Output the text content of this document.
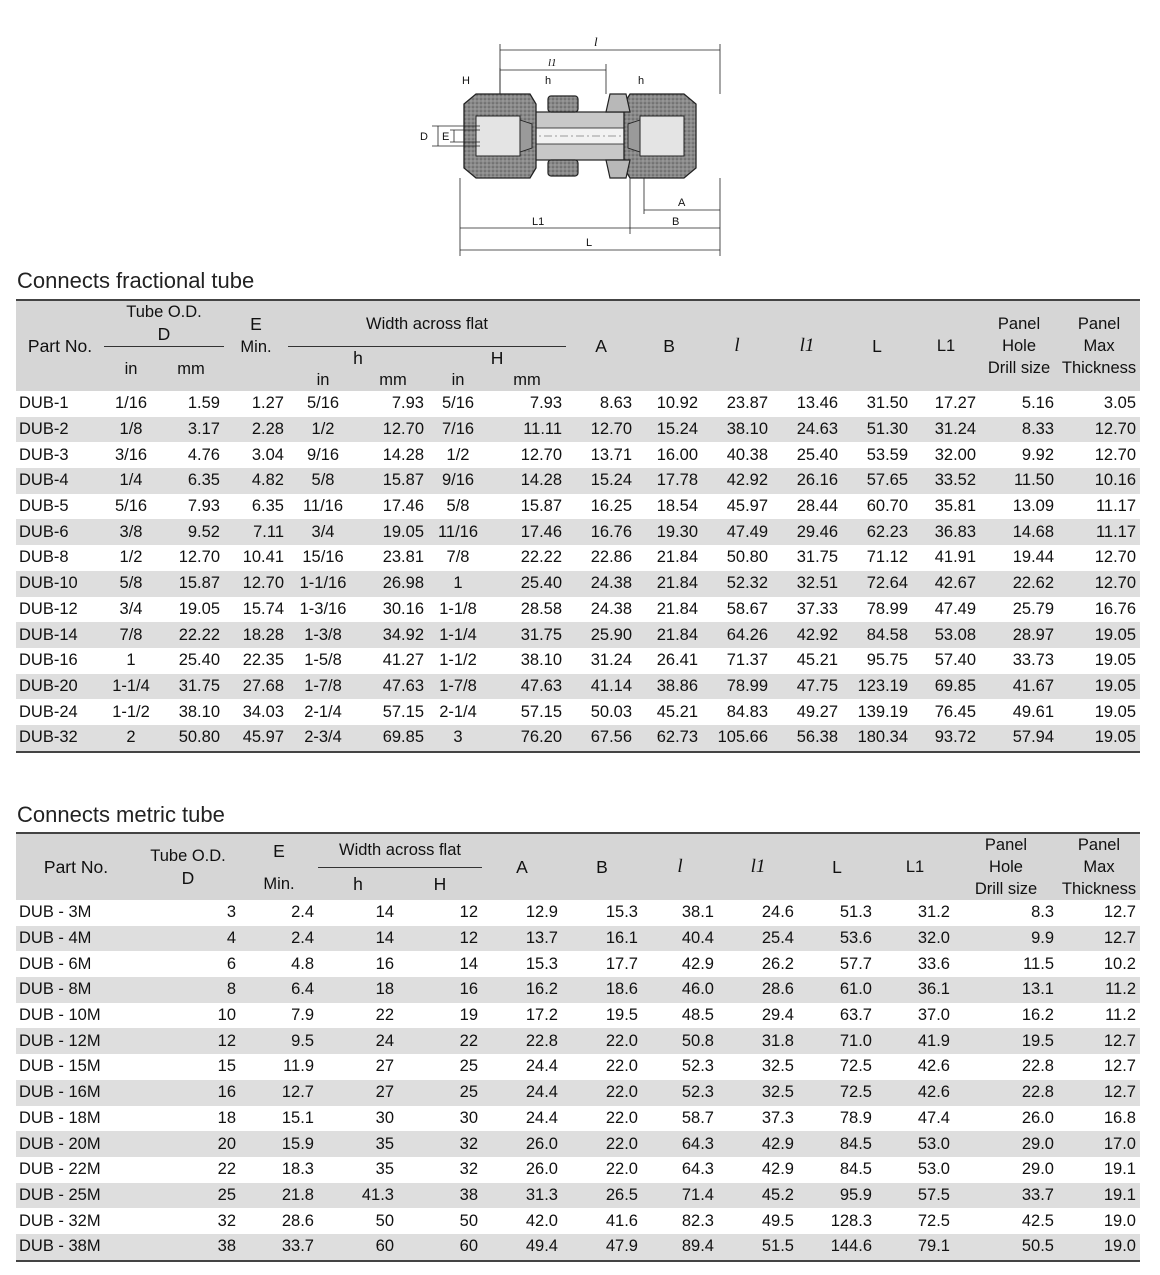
l
l1
H	h	h
D E
A
B
L1
L
Connects fractional tube
Part No.	Tube O.D.
D		E
Min.	Width across flat				A	B	l	l1	L	L1	Panel
Hole
Drill size	Panel
Max
Thickness
	in	mm		h		H									
				in	mm	in	mm								
DUB-1	1/16	1.59	1.27	5/16	7.93	5/16	7.93	8.63	10.92	23.87	13.46	31.50	17.27	5.16	3.05
DUB-2	1/8	3.17	2.28	1/2	12.70	7/16	11.11	12.70	15.24	38.10	24.63	51.30	31.24	8.33	12.70
DUB-3	3/16	4.76	3.04	9/16	14.28	1/2	12.70	13.71	16.00	40.38	25.40	53.59	32.00	9.92	12.70
DUB-4	1/4	6.35	4.82	5/8	15.87	9/16	14.28	15.24	17.78	42.92	26.16	57.65	33.52	11.50	10.16
DUB-5	5/16	7.93	6.35	11/16	17.46	5/8	15.87	16.25	18.54	45.97	28.44	60.70	35.81	13.09	11.17
DUB-6	3/8	9.52	7.11	3/4	19.05	11/16	17.46	16.76	19.30	47.49	29.46	62.23	36.83	14.68	11.17
DUB-8	1/2	12.70	10.41	15/16	23.81	7/8	22.22	22.86	21.84	50.80	31.75	71.12	41.91	19.44	12.70
DUB-10	5/8	15.87	12.70	1-1/16	26.98	1	25.40	24.38	21.84	52.32	32.51	72.64	42.67	22.62	12.70
DUB-12	3/4	19.05	15.74	1-3/16	30.16	1-1/8	28.58	24.38	21.84	58.67	37.33	78.99	47.49	25.79	16.76
DUB-14	7/8	22.22	18.28	1-3/8	34.92	1-1/4	31.75	25.90	21.84	64.26	42.92	84.58	53.08	28.97	19.05
DUB-16	1	25.40	22.35	1-5/8	41.27	1-1/2	38.10	31.24	26.41	71.37	45.21	95.75	57.40	33.73	19.05
DUB-20	1-1/4	31.75	27.68	1-7/8	47.63	1-7/8	47.63	41.14	38.86	78.99	47.75	123.19	69.85	41.67	19.05
DUB-24	1-1/2	38.10	34.03	2-1/4	57.15	2-1/4	57.15	50.03	45.21	84.83	49.27	139.19	76.45	49.61	19.05
DUB-32	2	50.80	45.97	2-3/4	69.85	3	76.20	67.56	62.73	105.66	56.38	180.34	93.72	57.94	19.05
Connects metric tube
Part No.	Tube O.D.
D	E	Width across flat		A	B	l	l1	L	L1	Panel
Hole
Drill size	Panel
Max
Thickness
		Min.	h	H								
DUB - 3M	3	2.4	14	12	12.9	15.3	38.1	24.6	51.3	31.2	8.3	12.7
DUB - 4M	4	2.4	14	12	13.7	16.1	40.4	25.4	53.6	32.0	9.9	12.7
DUB - 6M	6	4.8	16	14	15.3	17.7	42.9	26.2	57.7	33.6	11.5	10.2
DUB - 8M	8	6.4	18	16	16.2	18.6	46.0	28.6	61.0	36.1	13.1	11.2
DUB - 10M	10	7.9	22	19	17.2	19.5	48.5	29.4	63.7	37.0	16.2	11.2
DUB - 12M	12	9.5	24	22	22.8	22.0	50.8	31.8	71.0	41.9	19.5	12.7
DUB - 15M	15	11.9	27	25	24.4	22.0	52.3	32.5	72.5	42.6	22.8	12.7
DUB - 16M	16	12.7	27	25	24.4	22.0	52.3	32.5	72.5	42.6	22.8	12.7
DUB - 18M	18	15.1	30	30	24.4	22.0	58.7	37.3	78.9	47.4	26.0	16.8
DUB - 20M	20	15.9	35	32	26.0	22.0	64.3	42.9	84.5	53.0	29.0	17.0
DUB - 22M	22	18.3	35	32	26.0	22.0	64.3	42.9	84.5	53.0	29.0	19.1
DUB - 25M	25	21.8	41.3	38	31.3	26.5	71.4	45.2	95.9	57.5	33.7	19.1
DUB - 32M	32	28.6	50	50	42.0	41.6	82.3	49.5	128.3	72.5	42.5	19.0
DUB - 38M	38	33.7	60	60	49.4	47.9	89.4	51.5	144.6	79.1	50.5	19.0
